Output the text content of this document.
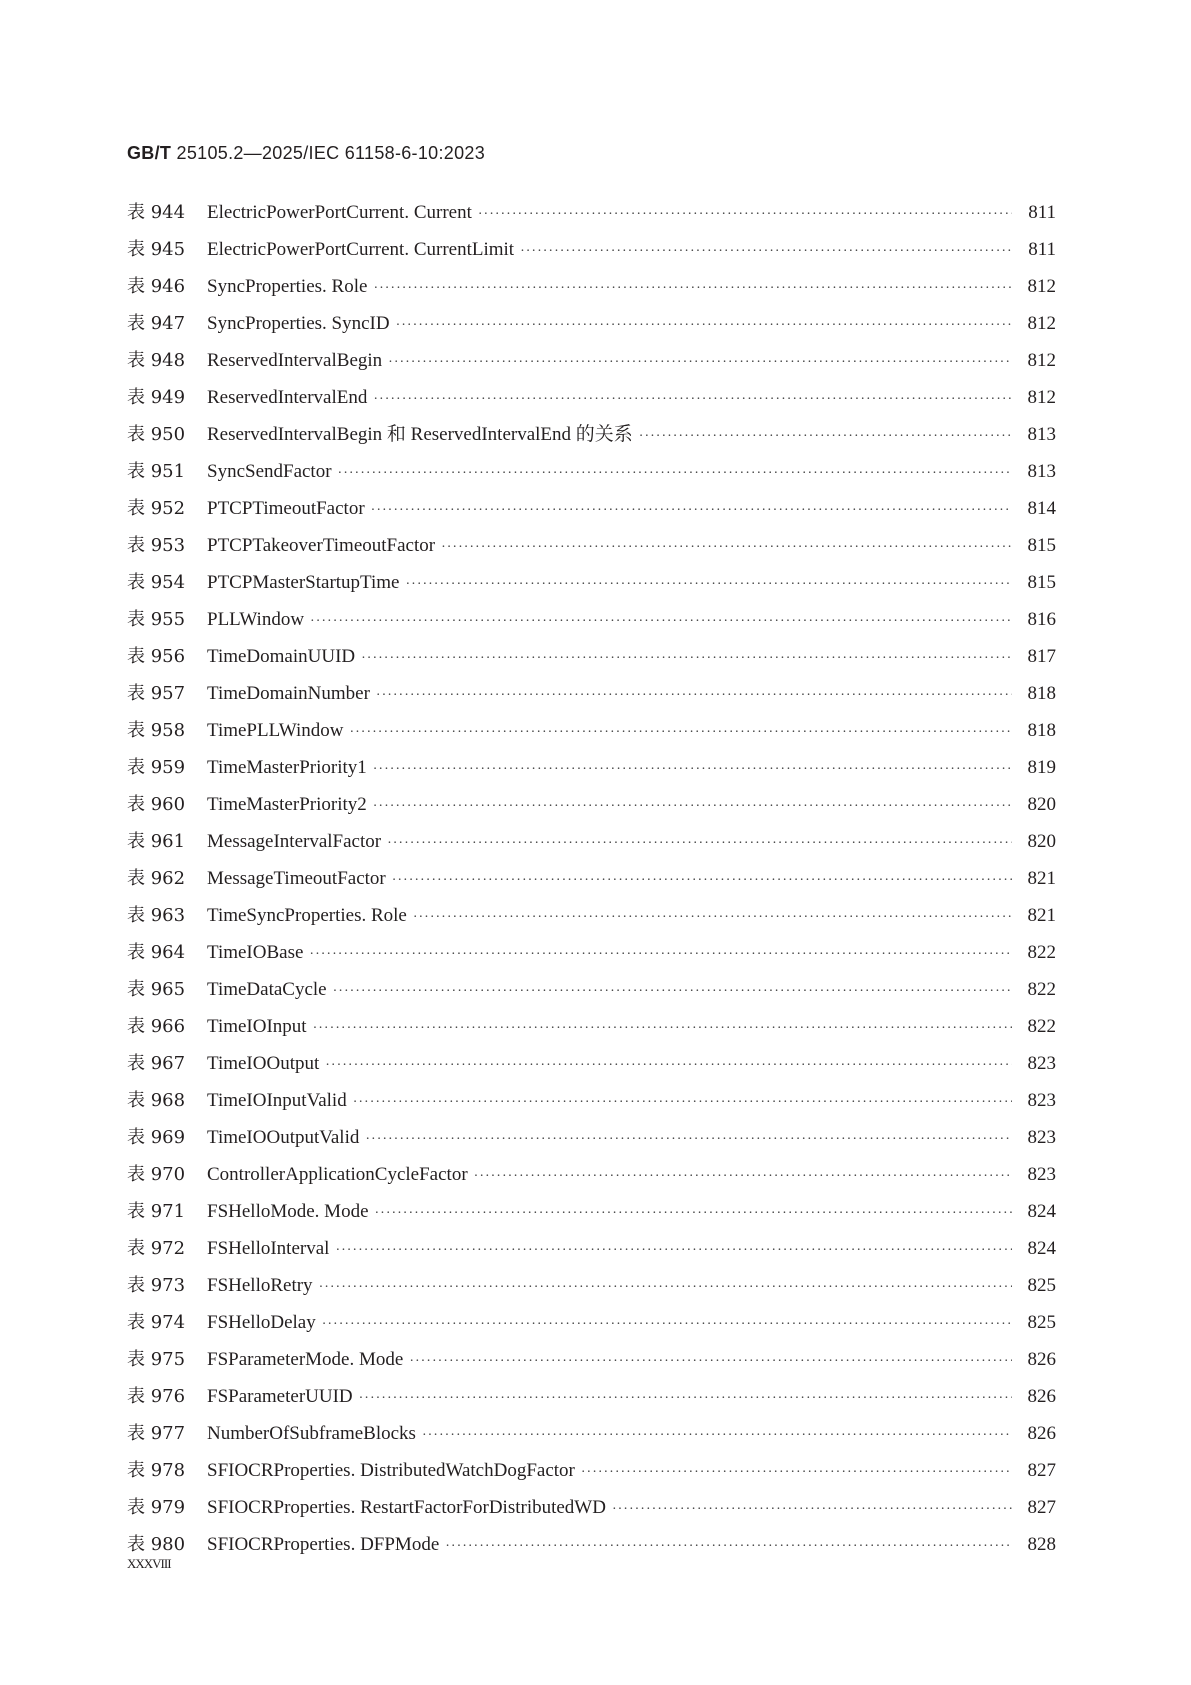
GB/T 25105.2—2025/IEC 61158-6-10:2023
表 944	ElectricPowerPortCurrent. Current ·····	811
表 945	ElectricPowerPortCurrent. CurrentLimit ·····	811
表 946	SyncProperties. Role ·····	812
表 947	SyncProperties. SyncID ·····	812
表 948	ReservedIntervalBegin ·····	812
表 949	ReservedIntervalEnd ·····	812
表 950	ReservedIntervalBegin 和 ReservedIntervalEnd 的关系 ·····	813
表 951	SyncSendFactor ·····	813
表 952	PTCPTimeoutFactor ·····	814
表 953	PTCPTakeoverTimeoutFactor ·····	815
表 954	PTCPMasterStartupTime ·····	815
表 955	PLLWindow ·····	816
表 956	TimeDomainUUID ·····	817
表 957	TimeDomainNumber ·····	818
表 958	TimePLLWindow ·····	818
表 959	TimeMasterPriority1 ·····	819
表 960	TimeMasterPriority2 ·····	820
表 961	MessageIntervalFactor ·····	820
表 962	MessageTimeoutFactor ·····	821
表 963	TimeSyncProperties. Role ·····	821
表 964	TimeIOBase ·····	822
表 965	TimeDataCycle ·····	822
表 966	TimeIOInput ·····	822
表 967	TimeIOOutput ·····	823
表 968	TimeIOInputValid ·····	823
表 969	TimeIOOutputValid ·····	823
表 970	ControllerApplicationCycleFactor ·····	823
表 971	FSHelloMode. Mode ·····	824
表 972	FSHelloInterval ·····	824
表 973	FSHelloRetry ·····	825
表 974	FSHelloDelay ·····	825
表 975	FSParameterMode. Mode ·····	826
表 976	FSParameterUUID ·····	826
表 977	NumberOfSubframeBlocks ·····	826
表 978	SFIOCRProperties. DistributedWatchDogFactor ·····	827
表 979	SFIOCRProperties. RestartFactorForDistributedWD ·····	827
表 980	SFIOCRProperties. DFPMode ·····	828
XXXVIII
